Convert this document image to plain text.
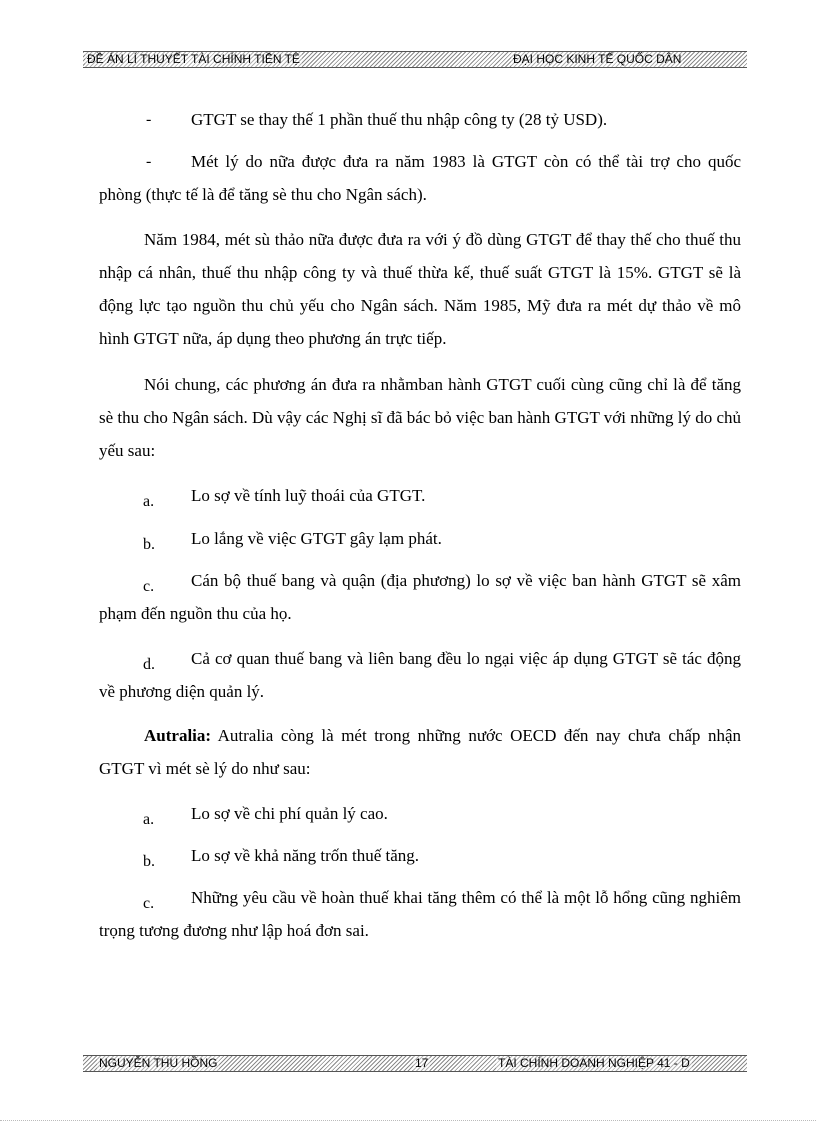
ĐỀ ÁN LÍ THUYẾT TÀI CHÍNH TIỀN TỆ	ĐẠI HỌC KINH TẾ QUỐC DÂN
-	GTGT se thay thế 1 phần thuế thu nhập công ty (28 tỷ USD).
-	Mét lý do nữa được đưa ra năm 1983 là GTGT còn có thể tài trợ cho quốc phòng (thực tế là để tăng sè thu cho Ngân sách).

Năm 1984, mét sù thảo nữa được đưa ra với ý đồ dùng GTGT để thay thế cho thuế thu nhập cá nhân, thuế thu nhập công ty và thuế thừa kế, thuế suất GTGT là 15%. GTGT sẽ là động lực tạo nguồn thu chủ yếu cho Ngân sách. Năm 1985, Mỹ đưa ra mét dự thảo về mô hình GTGT nữa, áp dụng theo phương án trực tiếp.

Nói chung, các phương án đưa ra nhằmban hành GTGT cuối cùng cũng chỉ là để tăng sè thu cho Ngân sách. Dù vậy các Nghị sĩ đã bác bỏ việc ban hành GTGT với những lý do chủ yếu sau:

a.	Lo sợ về tính luỹ thoái của GTGT.
b.	Lo lắng về việc GTGT gây lạm phát.
c.	Cán bộ thuế bang và quận (địa phương) lo sợ về việc ban hành GTGT sẽ xâm phạm đến nguồn thu của họ.
d.	Cả cơ quan thuế bang và liên bang đều lo ngại việc áp dụng GTGT sẽ tác động về phương diện quản lý.

Autralia: Autralia còng là mét trong những nước OECD đến nay chưa chấp nhận GTGT vì mét sè lý do như sau:

a.	Lo sợ về chi phí quản lý cao.
b.	Lo sợ về khả năng trốn thuế tăng.
c.	Những yêu cầu về hoàn thuế khai tăng thêm có thể là một lỗ hổng cũng nghiêm trọng tương đương như lập hoá đơn sai.
NGUYỄN THU HỒNG	17	TÀI CHÍNH DOANH NGHIỆP 41 - D
